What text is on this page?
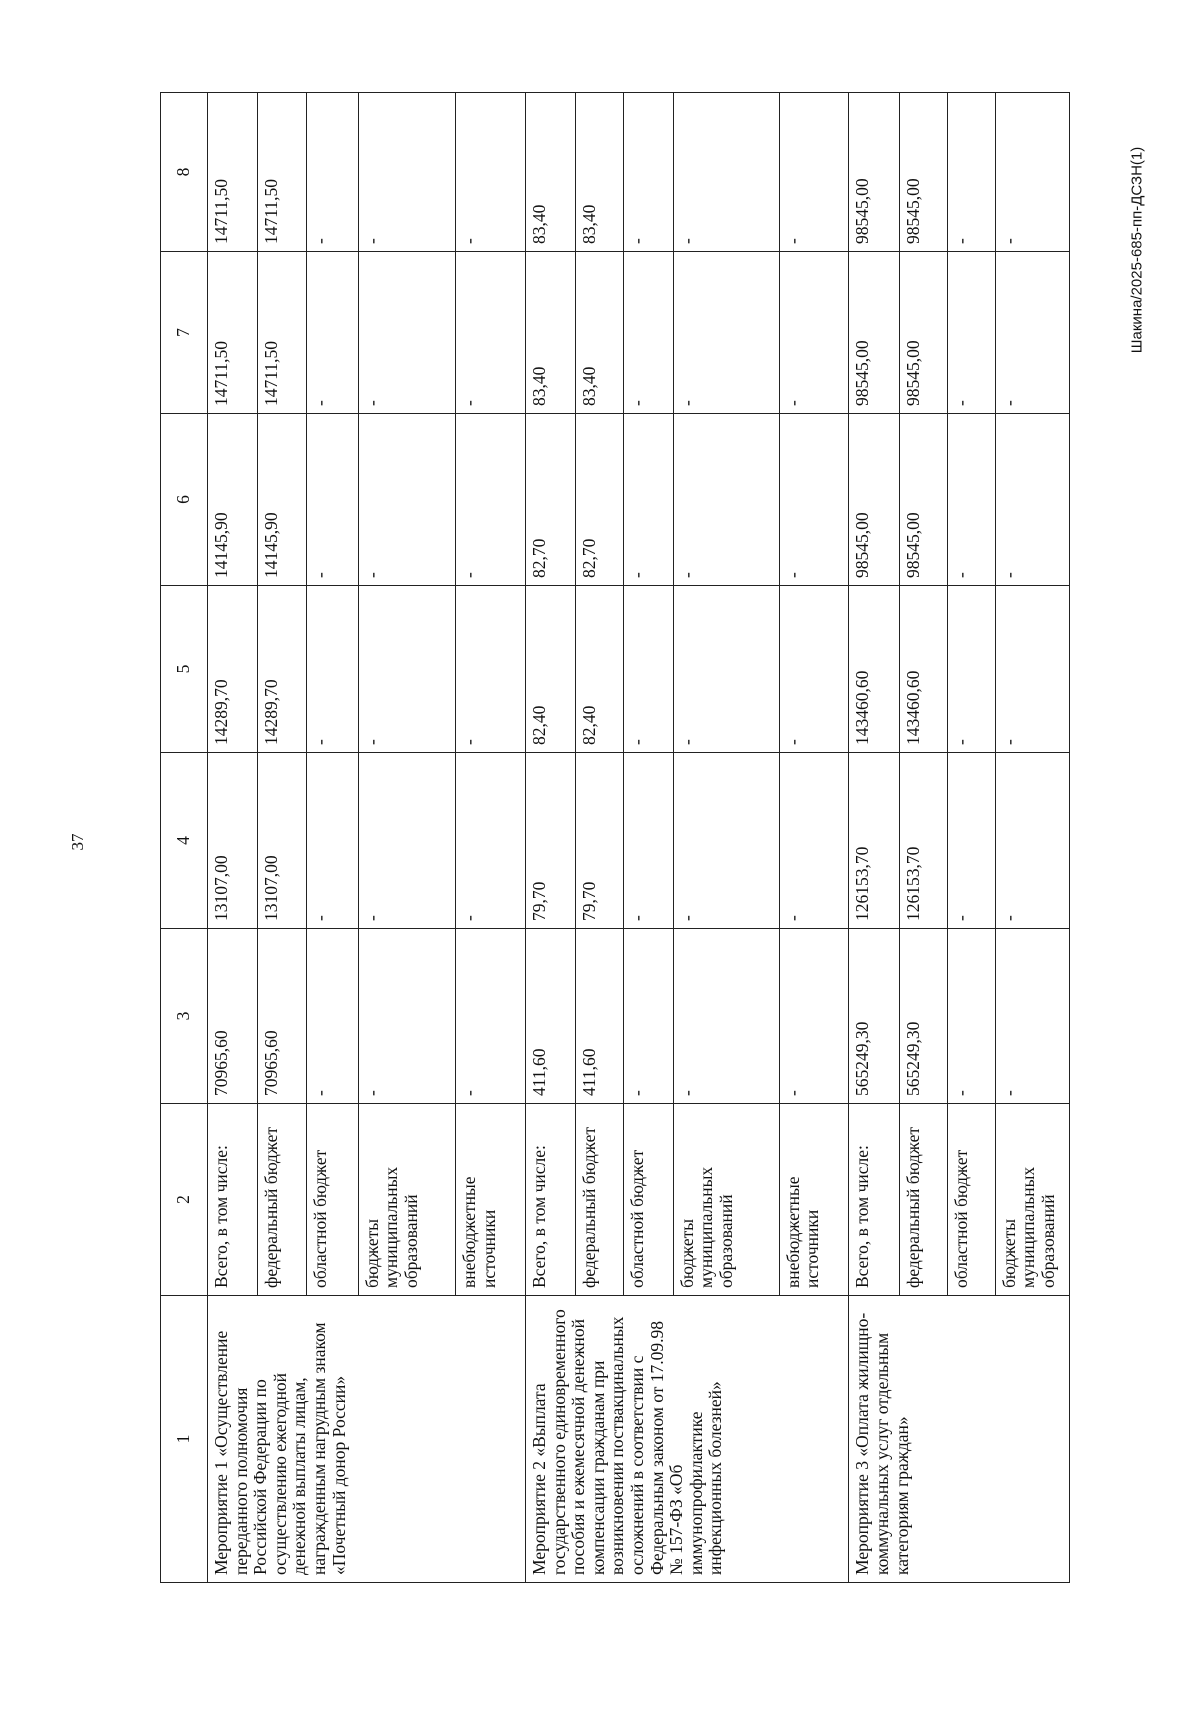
37
Шакина/2025-685-пп-ДСЗН(1)
1	2	3	4	5	6	7	8
Мероприятие 1 «Осуществление переданного полномочия Российской Федерации по осуществлению ежегодной денежной выплаты лицам, награжденным нагрудным знаком «Почетный донор России»	Всего, в том числе:	70965,60	13107,00	14289,70	14145,90	14711,50	14711,50
	федеральный бюджет	70965,60	13107,00	14289,70	14145,90	14711,50	14711,50
	областной бюджет	-	-	-	-	-	-
	бюджеты муниципальных образований	-	-	-	-	-	-
	внебюджетные источники	-	-	-	-	-	-
Мероприятие 2 «Выплата государственного единовременного пособия и ежемесячной денежной компенсации гражданам при возникновении поствакцинальных осложнений в соответствии с Федеральным законом от 17.09.98 № 157-ФЗ «Об иммунопрофилактике инфекционных болезней»	Всего, в том числе:	411,60	79,70	82,40	82,70	83,40	83,40
	федеральный бюджет	411,60	79,70	82,40	82,70	83,40	83,40
	областной бюджет	-	-	-	-	-	-
	бюджеты муниципальных образований	-	-	-	-	-	-
	внебюджетные источники	-	-	-	-	-	-
Мероприятие 3 «Оплата жилищно-коммунальных услуг отдельным категориям граждан»	Всего, в том числе:	565249,30	126153,70	143460,60	98545,00	98545,00	98545,00
	федеральный бюджет	565249,30	126153,70	143460,60	98545,00	98545,00	98545,00
	областной бюджет	-	-	-	-	-	-
	бюджеты муниципальных образований	-	-	-	-	-	-
